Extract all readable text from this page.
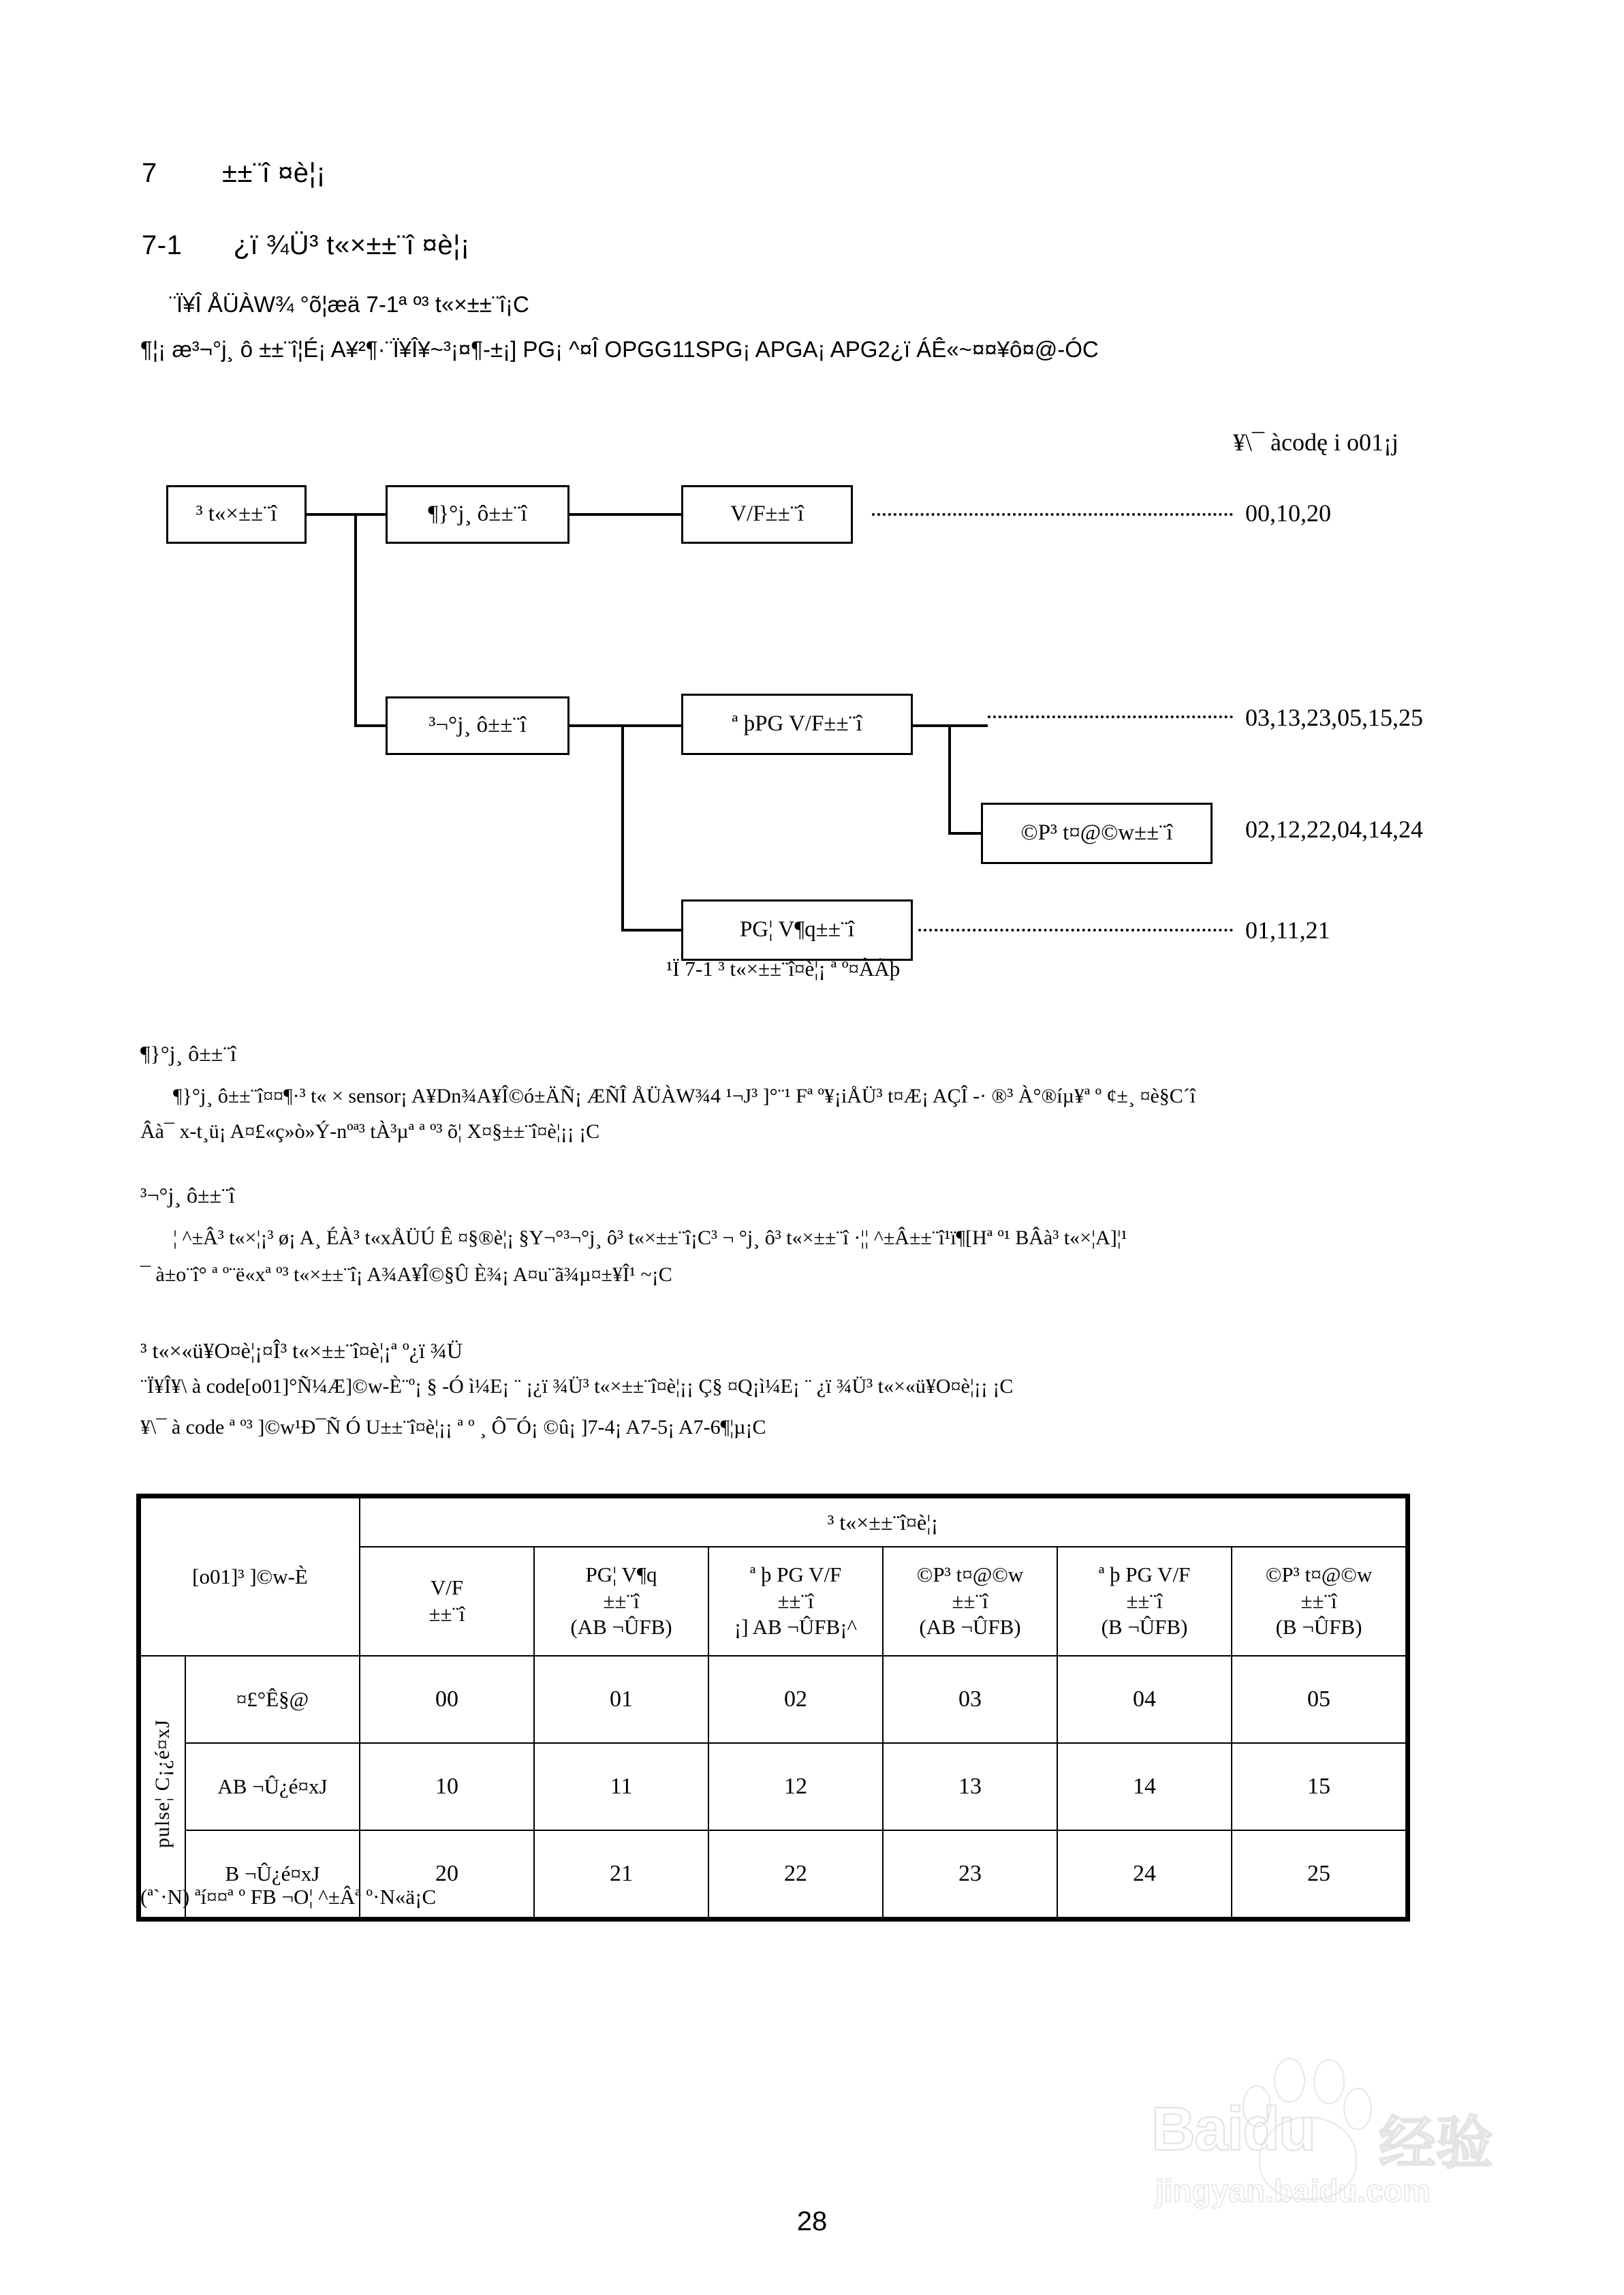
7 ±±¨î ¤è¦¡
7-1 ¿ï ¾Ü³ t«×±±¨î ¤è¦¡
¨Ï¥Î ÅÜÀW¾ °õ¦æä 7-1ª º³ t«×±±¨î¡C
¶¦¡ æ³¬°j¸ ô ±±¨î¦É¡ A¥²¶·¨Ï¥Î¥~³¡¤¶-±¡] PG¡ ^¤Î OPGG11SPG¡ APGA¡ APG2¿ï ÁÊ«~¤¤¥ô¤@-ÓC
¥\¯ àcodę i o01¡j
³ t«×±±¨î	¶}°j¸ ô±±¨î	V/F±±¨î
³¬°j¸ ô±±¨î	ª þPG V/F±±¨î
©P³ t¤@©w±±¨î
PG¦ V¶q±±¨î
00,10,20
03,13,23,05,15,25
02,12,22,04,14,24
01,11,21
¹Ï 7-1 ³ t«×±±¨î¤è¦¡ ª º¤ÀÃþ
¶}°j¸ ô±±¨î
¶}°j¸ ô±±¨î¤¤¶·³ t« × sensor¡ A¥Dn¾A¥Î©ó±ÄÑ¡ ÆÑÎ ÅÜÀW¾4 ¹¬J³ ]°¨¹ Fª º¥¡iÅÜ³ t¤Æ¡ AÇÎ -· ®³ À°®íµ¥ª º ¢±¸ ¤è§C´î
Âà¯ x-t¸ü¡ A¤£«ç»ò»Ý-nºª³ tÀ³µª ª º³ õ¦ X¤§±±¨î¤è¦¡¡ ¡C
³¬°j¸ ô±±¨î
¦ ^±Â³ t«×¦¡³ ø¡ A¸ ÉÀ³ t«xÅÜÚ Ê ¤§®è¦¡ §Y¬°³¬°j¸ ô³ t«×±±¨î¡C³ ¬ °j¸ ô³ t«×±±¨î ·¦¦ ^±Â±±¨î¹ï¶[Hª º¹ BÂà³ t«×¦A]¦¹
¯ à±o¨î° ª º¨ë«xª º³ t«×±±¨î¡ A¾A¥Î©§Û È¾¡ A¤u¨ã¾µ¤±¥Î¹ ~¡C
³ t«×«ü¥O¤è¦¡¤Î³ t«×±±¨î¤è¦¡ª º¿ï ¾Ü
¨Ï¥Î¥\ à code[o01]°Ñ¼Æ]©w-È¨º¡ § -Ó ì¼E¡ ¨ ¡¿ï ¾Ü³ t«×±±¨î¤è¦¡¡ Ç§ ¤Q¡ì¼E¡ ¨ ¿ï ¾Ü³ t«×«ü¥O¤è¦¡¡ ¡C
¥\¯ à code ª º³ ]©w¹Ð¯Ñ Ó U±±¨î¤è¦¡¡ ª º ¸ Ô¯Ó¡ ©û¡ ]7-4¡ A7-5¡ A7-6¶¦µ¡C
[o01]³ ]©w-È		³ t«×±±¨î¤è¦¡					

V/F
±±¨î

PG¦ V¶q
±±¨î
(AB ¬ÛFB)

ª þ PG V/F
±±¨î
¡] AB ¬ÛFB¡^

©P³ t¤@©w
±±¨î
(AB ¬ÛFB)

ª þ PG V/F
±±¨î
(B ¬ÛFB)

©P³ t¤@©w
±±¨î
(B ¬ÛFB)

pulse¦ C¡¿é¤xJ	¤£°Ê§@	00	01	02	03	04	05
	AB ¬Û¿é¤xJ	10	11	12	13	14	15
	B ¬Û¿é¤xJ	20	21	22	23	24	25
(ª`·N) ªí¤¤ª º FB ¬O¦ ^±Âª º·N«ä¡C
Baidu 经验
jingyan.baidu.com
28
